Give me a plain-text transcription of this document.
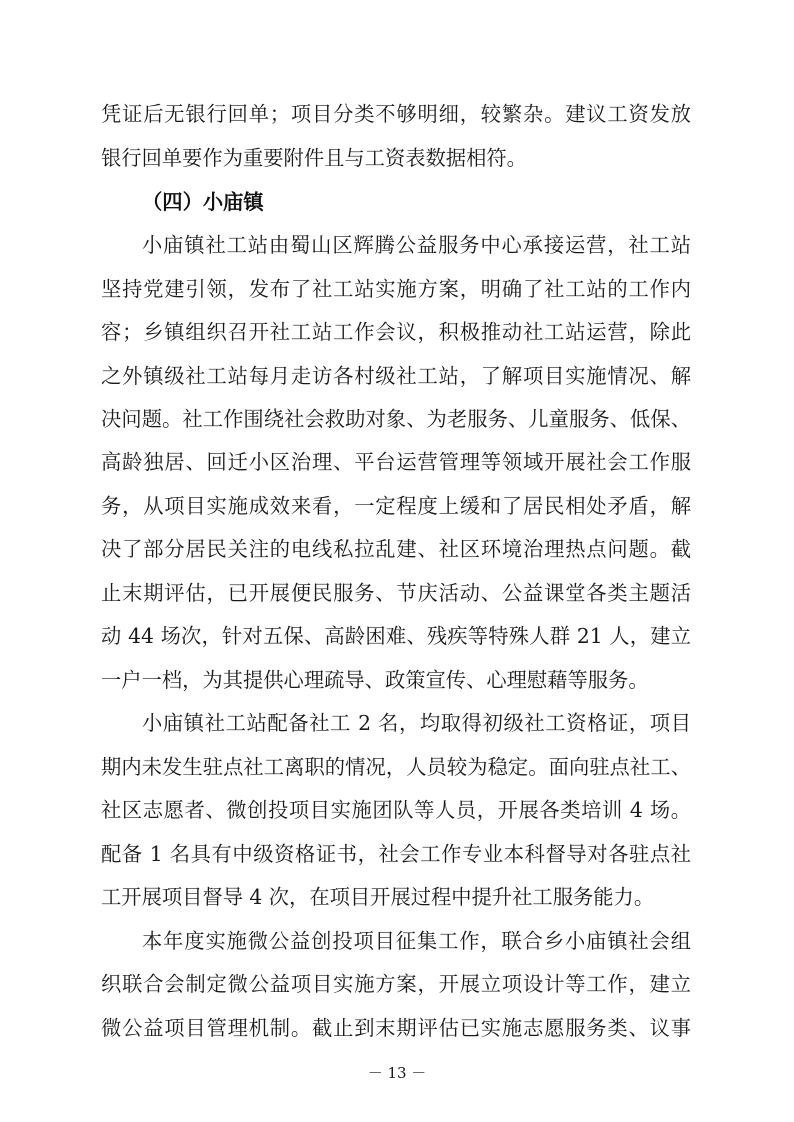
凭证后无银行回单；项目分类不够明细，较繁杂。建议工资发放

银行回单要作为重要附件且与工资表数据相符。

（四）小庙镇

小庙镇社工站由蜀山区辉腾公益服务中心承接运营，社工站

坚持党建引领，发布了社工站实施方案，明确了社工站的工作内

容；乡镇组织召开社工站工作会议，积极推动社工站运营，除此

之外镇级社工站每月走访各村级社工站，了解项目实施情况、解

决问题。社工作围绕社会救助对象、为老服务、儿童服务、低保、

高龄独居、回迁小区治理、平台运营管理等领域开展社会工作服

务，从项目实施成效来看，一定程度上缓和了居民相处矛盾，解

决了部分居民关注的电线私拉乱建、社区环境治理热点问题。截

止末期评估，已开展便民服务、节庆活动、公益课堂各类主题活

动 44 场次，针对五保、高龄困难、残疾等特殊人群 21 人，建立

一户一档，为其提供心理疏导、政策宣传、心理慰藉等服务。

小庙镇社工站配备社工 2 名，均取得初级社工资格证，项目

期内未发生驻点社工离职的情况，人员较为稳定。面向驻点社工、

社区志愿者、微创投项目实施团队等人员，开展各类培训 4 场。

配备 1 名具有中级资格证书，社会工作专业本科督导对各驻点社

工开展项目督导 4 次，在项目开展过程中提升社工服务能力。

本年度实施微公益创投项目征集工作，联合乡小庙镇社会组

织联合会制定微公益项目实施方案，开展立项设计等工作，建立

微公益项目管理机制。截止到末期评估已实施志愿服务类、议事

－ 13 －
